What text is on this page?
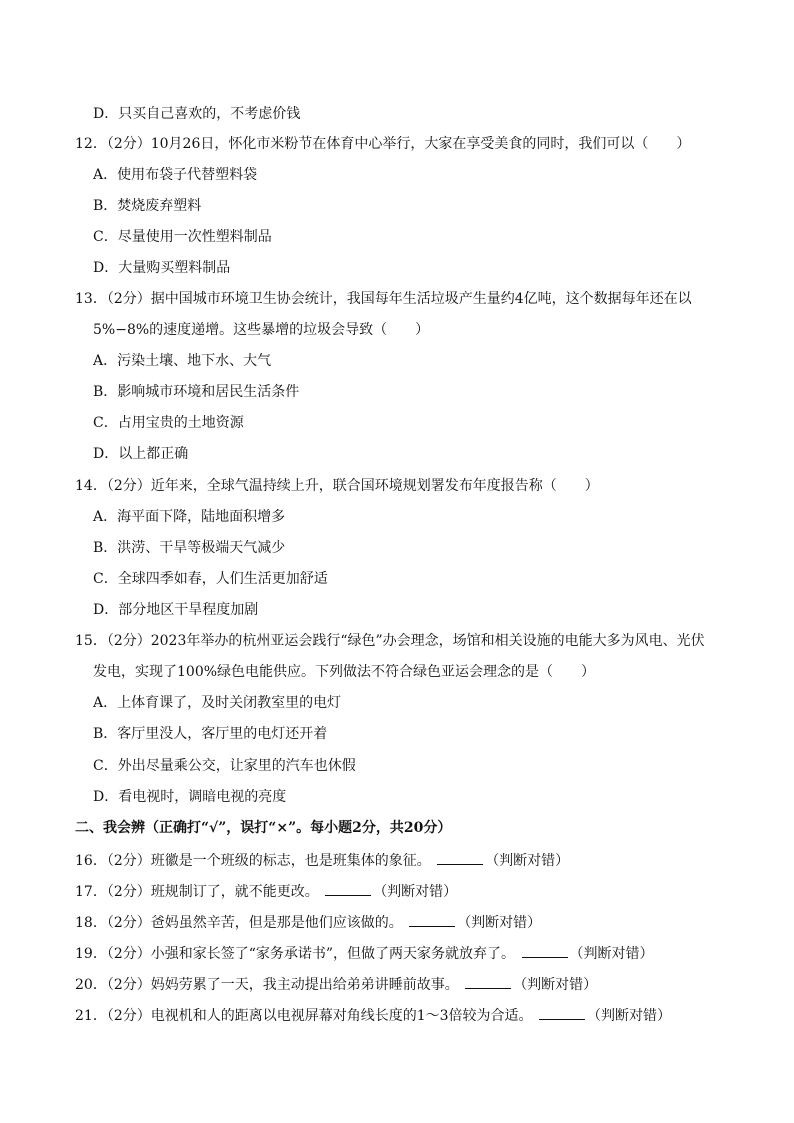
D．只买自己喜欢的，不考虑价钱
12．（2分）10月26日，怀化市米粉节在体育中心举行，大家在享受美食的同时，我们可以（　　）
A．使用布袋子代替塑料袋
B．焚烧废弃塑料
C．尽量使用一次性塑料制品
D．大量购买塑料制品
13．（2分）据中国城市环境卫生协会统计，我国每年生活垃圾产生量约4亿吨，这个数据每年还在以
5%−8%的速度递增。这些暴增的垃圾会导致（　　）
A．污染土壤、地下水、大气
B．影响城市环境和居民生活条件
C．占用宝贵的土地资源
D．以上都正确
14．（2分）近年来，全球气温持续上升，联合国环境规划署发布年度报告称（　　）
A．海平面下降，陆地面积增多
B．洪涝、干旱等极端天气减少
C．全球四季如春，人们生活更加舒适
D．部分地区干旱程度加剧
15．（2分）2023年举办的杭州亚运会践行“绿色”办会理念，场馆和相关设施的电能大多为风电、光伏
发电，实现了100%绿色电能供应。下列做法不符合绿色亚运会理念的是（　　）
A．上体育课了，及时关闭教室里的电灯
B．客厅里没人，客厅里的电灯还开着
C．外出尽量乘公交，让家里的汽车也休假
D．看电视时，调暗电视的亮度
二、我会辨（正确打“√”，误打“×”。每小题2分，共20分）
16．（2分）班徽是一个班级的标志，也是班集体的象征。	（判断对错）
17．（2分）班规制订了，就不能更改。	（判断对错）
18．（2分）爸妈虽然辛苦，但是那是他们应该做的。	（判断对错）
19．（2分）小强和家长签了“家务承诺书”，但做了两天家务就放弃了。	（判断对错）
20．（2分）妈妈劳累了一天，我主动提出给弟弟讲睡前故事。	（判断对错）
21．（2分）电视机和人的距离以电视屏幕对角线长度的1～3倍较为合适。	（判断对错）
